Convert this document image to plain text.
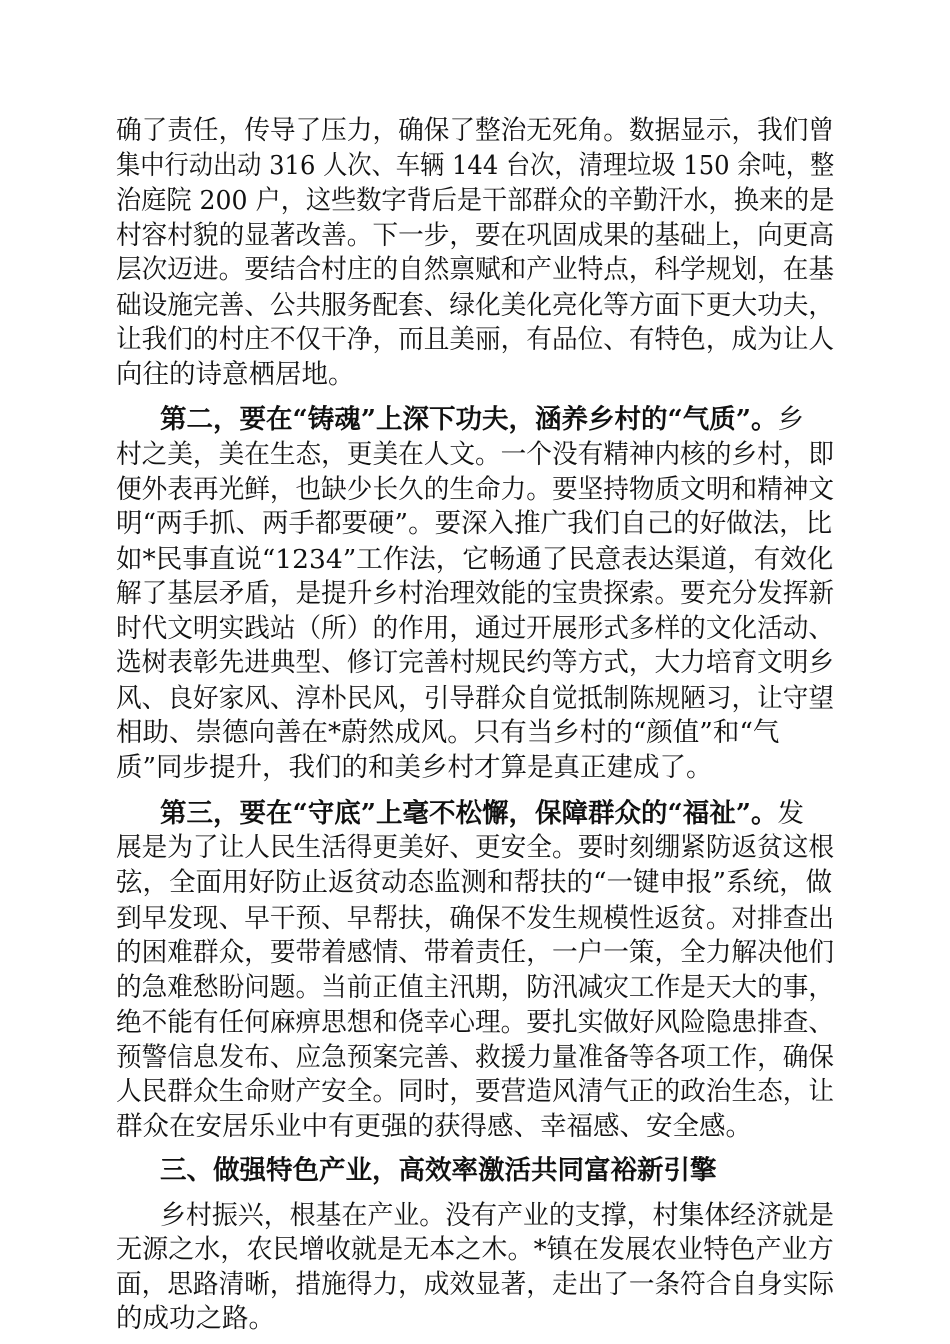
确了责任，传导了压力，确保了整治无死角。数据显示，我们曾
集中行动出动 316 人次、车辆 144 台次，清理垃圾 150 余吨，整
治庭院 200 户，这些数字背后是干部群众的辛勤汗水，换来的是
村容村貌的显著改善。下一步，要在巩固成果的基础上，向更高
层次迈进。要结合村庄的自然禀赋和产业特点，科学规划，在基
础设施完善、公共服务配套、绿化美化亮化等方面下更大功夫，
让我们的村庄不仅干净，而且美丽，有品位、有特色，成为让人
向往的诗意栖居地。
第二，要在“铸魂”上深下功夫，涵养乡村的“气质”。乡
村之美，美在生态，更美在人文。一个没有精神内核的乡村，即
便外表再光鲜，也缺少长久的生命力。要坚持物质文明和精神文
明“两手抓、两手都要硬”。要深入推广我们自己的好做法，比
如*民事直说“1234”工作法，它畅通了民意表达渠道，有效化
解了基层矛盾，是提升乡村治理效能的宝贵探索。要充分发挥新
时代文明实践站（所）的作用，通过开展形式多样的文化活动、
选树表彰先进典型、修订完善村规民约等方式，大力培育文明乡
风、良好家风、淳朴民风，引导群众自觉抵制陈规陋习，让守望
相助、崇德向善在*蔚然成风。只有当乡村的“颜值”和“气
质”同步提升，我们的和美乡村才算是真正建成了。
第三，要在“守底”上毫不松懈，保障群众的“福祉”。发
展是为了让人民生活得更美好、更安全。要时刻绷紧防返贫这根
弦，全面用好防止返贫动态监测和帮扶的“一键申报”系统，做
到早发现、早干预、早帮扶，确保不发生规模性返贫。对排查出
的困难群众，要带着感情、带着责任，一户一策，全力解决他们
的急难愁盼问题。当前正值主汛期，防汛减灾工作是天大的事，
绝不能有任何麻痹思想和侥幸心理。要扎实做好风险隐患排查、
预警信息发布、应急预案完善、救援力量准备等各项工作，确保
人民群众生命财产安全。同时，要营造风清气正的政治生态，让
群众在安居乐业中有更强的获得感、幸福感、安全感。
三、做强特色产业，高效率激活共同富裕新引擎
乡村振兴，根基在产业。没有产业的支撑，村集体经济就是
无源之水，农民增收就是无本之木。*镇在发展农业特色产业方
面，思路清晰，措施得力，成效显著，走出了一条符合自身实际
的成功之路。
